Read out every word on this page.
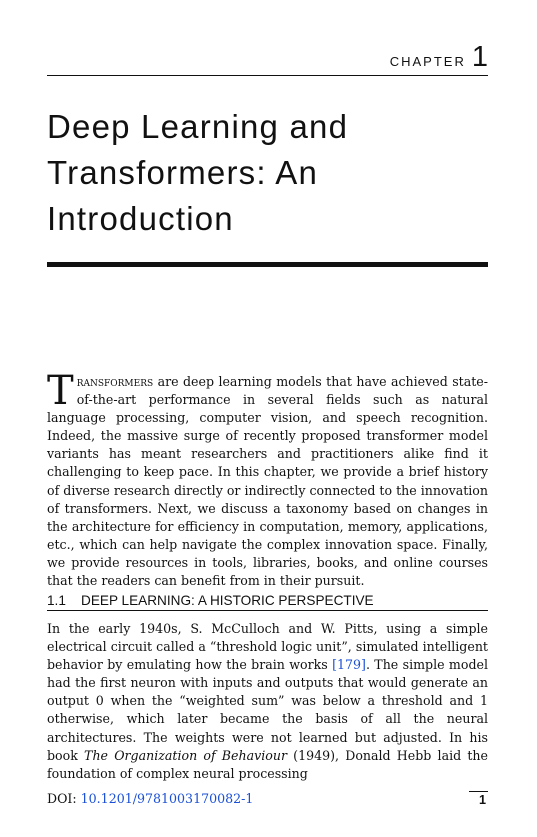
CHAPTER 1
Deep Learning and
Transformers: An
Introduction

Transformers are deep learning models that have achieved state-of-the-art performance in several fields such as natural language processing, computer vision, and speech recognition. Indeed, the massive surge of recently proposed transformer model variants has meant researchers and practitioners alike find it challenging to keep pace. In this chapter, we provide a brief history of diverse research directly or indirectly connected to the innovation of transformers. Next, we discuss a taxonomy based on changes in the architecture for efficiency in computation, memory, applications, etc., which can help navigate the complex innovation space. Finally, we provide resources in tools, libraries, books, and online courses that the readers can benefit from in their pursuit.

1.1 DEEP LEARNING: A HISTORIC PERSPECTIVE

In the early 1940s, S. McCulloch and W. Pitts, using a simple electrical circuit called a “threshold logic unit”, simulated intelligent behavior by emulating how the brain works [179]. The simple model had the first neuron with inputs and outputs that would generate an output 0 when the “weighted sum” was below a threshold and 1 otherwise, which later became the basis of all the neural architectures. The weights were not learned but adjusted. In his book The Organization of Behaviour (1949), Donald Hebb laid the foundation of complex neural processing

DOI: 10.1201/9781003170082-1	1
